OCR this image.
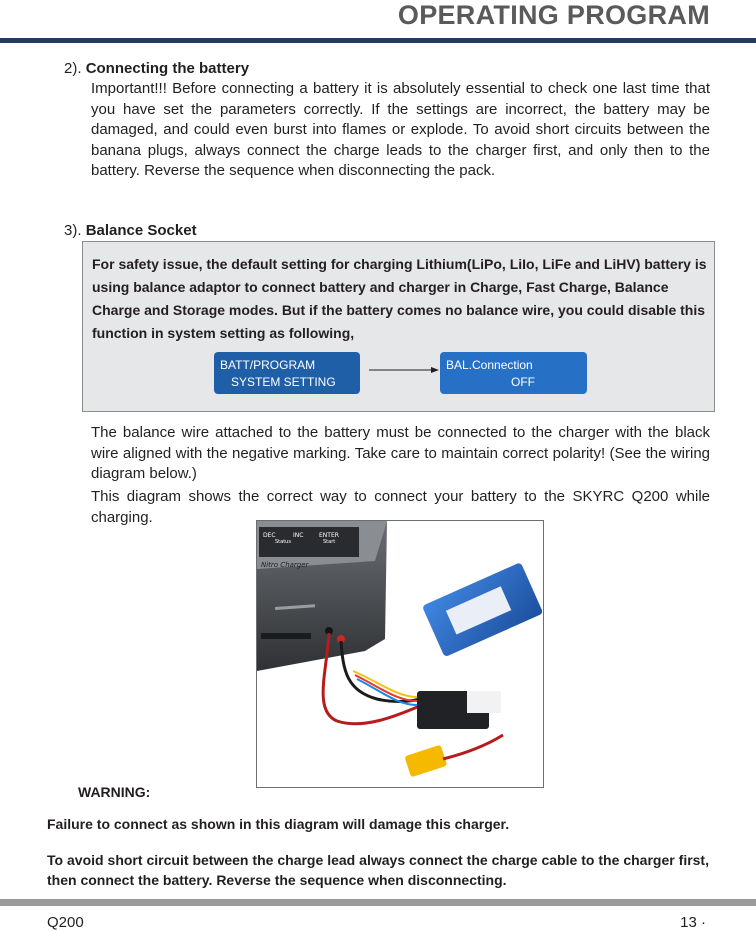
OPERATING PROGRAM
2). Connecting the battery

Important!!! Before connecting a battery it is absolutely essential to check one last time that you have set the parameters correctly. If the settings are incorrect, the battery may be damaged, and could even burst into flames or explode. To avoid short circuits between the banana plugs, always connect the charge leads to the charger first, and only then to the battery. Reverse the sequence when disconnecting the pack.

3). Balance Socket

For safety issue, the default setting for charging Lithium(LiPo, LiIo, LiFe and LiHV) battery is using balance adaptor to connect battery and charger in Charge, Fast Charge, Balance Charge and Storage modes. But if the battery comes no balance wire, you could disable this function in system setting as following,

BATT/PROGRAM
SYSTEM SETTING
BAL.Connection
OFF

The balance wire attached to the battery must be connected to the charger with the black wire aligned with the negative marking. Take care to maintain correct polarity! (See the wiring diagram below.)

This diagram shows the correct way to connect your battery to the SKYRC Q200 while charging.

DEC	INC	ENTER
Status	Start
Nitro Charger
WARNING:

Failure to connect as shown in this diagram will damage this charger.

To avoid short circuit between the charge lead always connect the charge cable to the charger first, then connect the battery. Reverse the sequence when disconnecting.

Q200	13 ·
